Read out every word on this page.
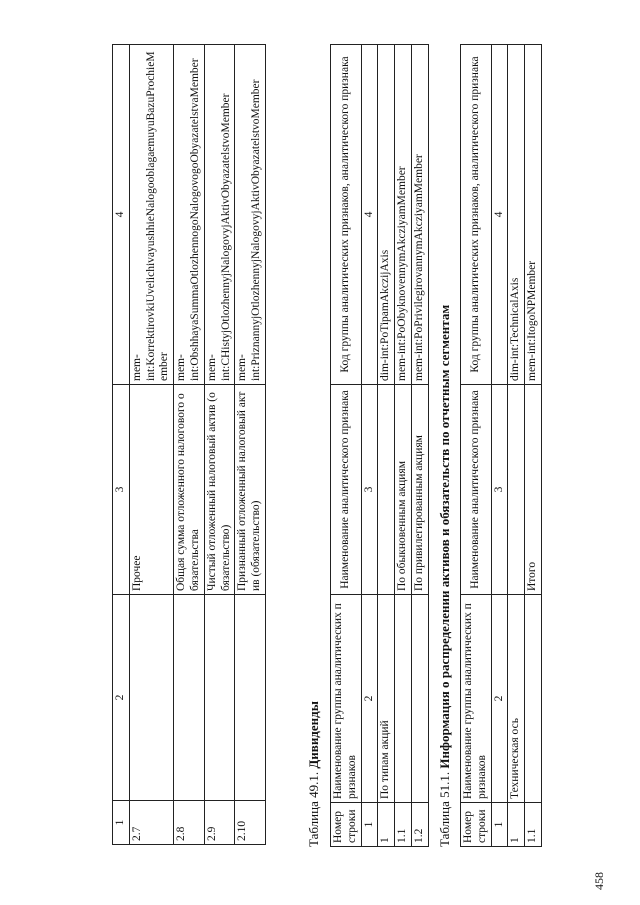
458
1	2	3	4
2.7		Прочее	mem-
int:KorrektirovkiUvelichivayushhieNalogooblagaemuyuBazuProchieMember
2.8		Общая сумма отложенного налогового обязательства	mem-
int:ObshhayaSummaOtlozhennogoNalogovogoObyazatelstvaMember
2.9		Чистый отложенный налоговый актив (обязательство)	mem-
int:CHistyjOtlozhennyjNalogovyjAktivObyazatelstvoMember
2.10		Признанный отложенный налоговый актив (обязательство)	mem-
int:PriznannyjOtlozhennyjNalogovyjAktivObyazatelstvoMember
Таблица 49.1. Дивиденды
Номер строки	Наименование группы аналитических признаков	Наименование аналитического признака	Код группы аналитических признаков, аналитического признака
1	2	3	4
1	По типам акций		dim-int:PoTipamAkczijAxis
1.1		По обыкновенным акциям	mem-int:PoObyknovennymAkcziyamMember
1.2		По привилегированным акциям	mem-int:PoPrivilegirovannymAkcziyamMember
Таблица 51.1. Информация о распределении активов и обязательств по отчетным сегментам
Номер строки	Наименование группы аналитических признаков	Наименование аналитического признака	Код группы аналитических признаков, аналитического признака
1	2	3	4
1	Техническая ось		dim-int:TechnicalAxis
1.1		Итого	mem-int:ItogoNPMember
